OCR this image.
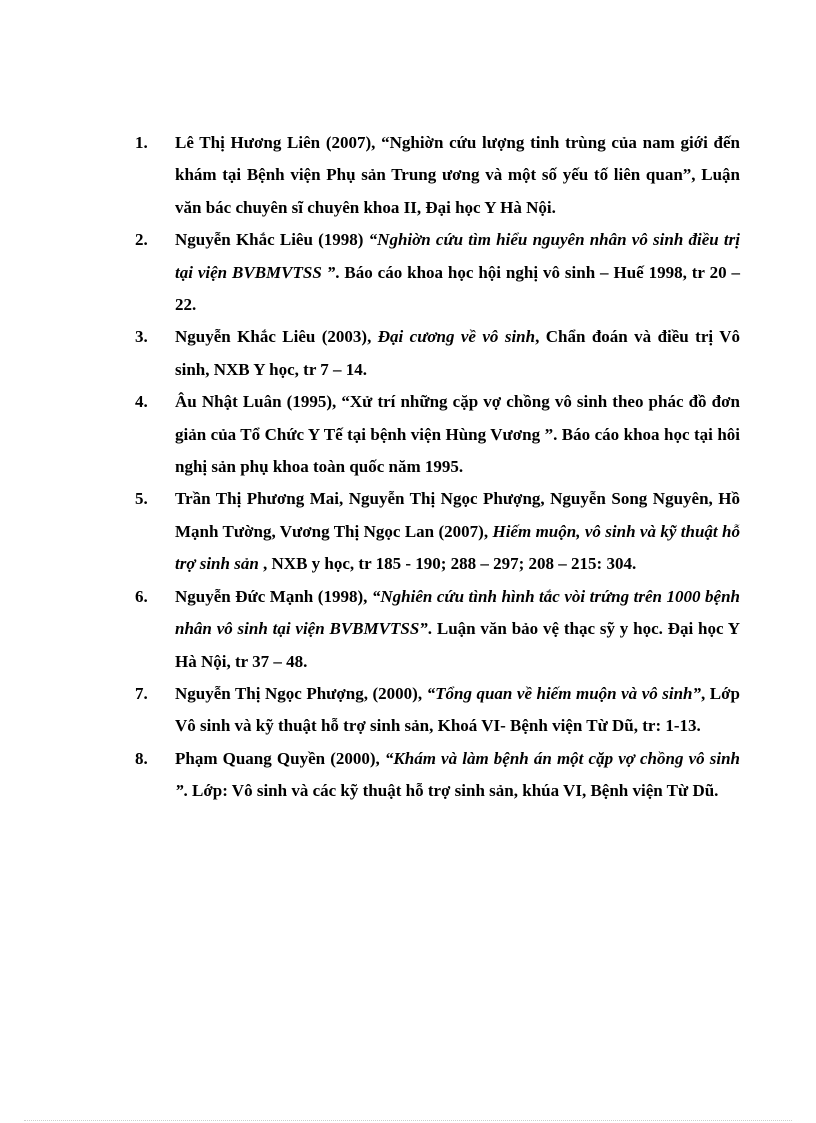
1. Lê Thị Hương Liên (2007), “Nghiờn cứu lượng tinh trùng của nam giới đến khám tại Bệnh viện Phụ sản Trung ương và một số yếu tố liên quan”, Luận văn bác chuyên sĩ chuyên khoa II, Đại học Y Hà Nội.
2. Nguyễn Khắc Liêu (1998) “Nghiờn cứu tìm hiểu nguyên nhân vô sinh điều trị tại viện BVBMVTSS ”. Báo cáo khoa học hội nghị vô sinh – Huế 1998, tr 20 – 22.
3. Nguyễn Khắc Liêu (2003), Đại cương về vô sinh, Chẩn đoán và điều trị Vô sinh, NXB Y học, tr 7 – 14.
4. Âu Nhật Luân (1995), “Xử trí những cặp vợ chồng vô sinh theo phác đồ đơn giản của Tổ Chức Y Tế tại bệnh viện Hùng Vương ”. Báo cáo khoa học tại hôi nghị sản phụ khoa toàn quốc năm 1995.
5. Trần Thị Phương Mai, Nguyễn Thị Ngọc Phượng, Nguyễn Song Nguyên, Hồ Mạnh Tường, Vương Thị Ngọc Lan (2007), Hiếm muộn, vô sinh và kỹ thuật hỗ trợ sinh sản , NXB y học, tr 185 - 190; 288 – 297; 208 – 215: 304.
6. Nguyễn Đức Mạnh (1998), “Nghiên cứu tình hình tắc vòi trứng trên 1000 bệnh nhân vô sinh tại viện BVBMVTSS”. Luận văn bảo vệ thạc sỹ y học. Đại học Y Hà Nội, tr 37 – 48.
7. Nguyễn Thị Ngọc Phượng, (2000), “Tổng quan về hiếm muộn và vô sinh”, Lớp Vô sinh và kỹ thuật hỗ trợ sinh sản, Khoá VI- Bệnh viện Từ Dũ, tr: 1-13.
8. Phạm Quang Quyền (2000), “Khám và làm bệnh án một cặp vợ chồng vô sinh ”. Lớp: Vô sinh và các kỹ thuật hỗ trợ sinh sản, khúa VI, Bệnh viện Từ Dũ.
